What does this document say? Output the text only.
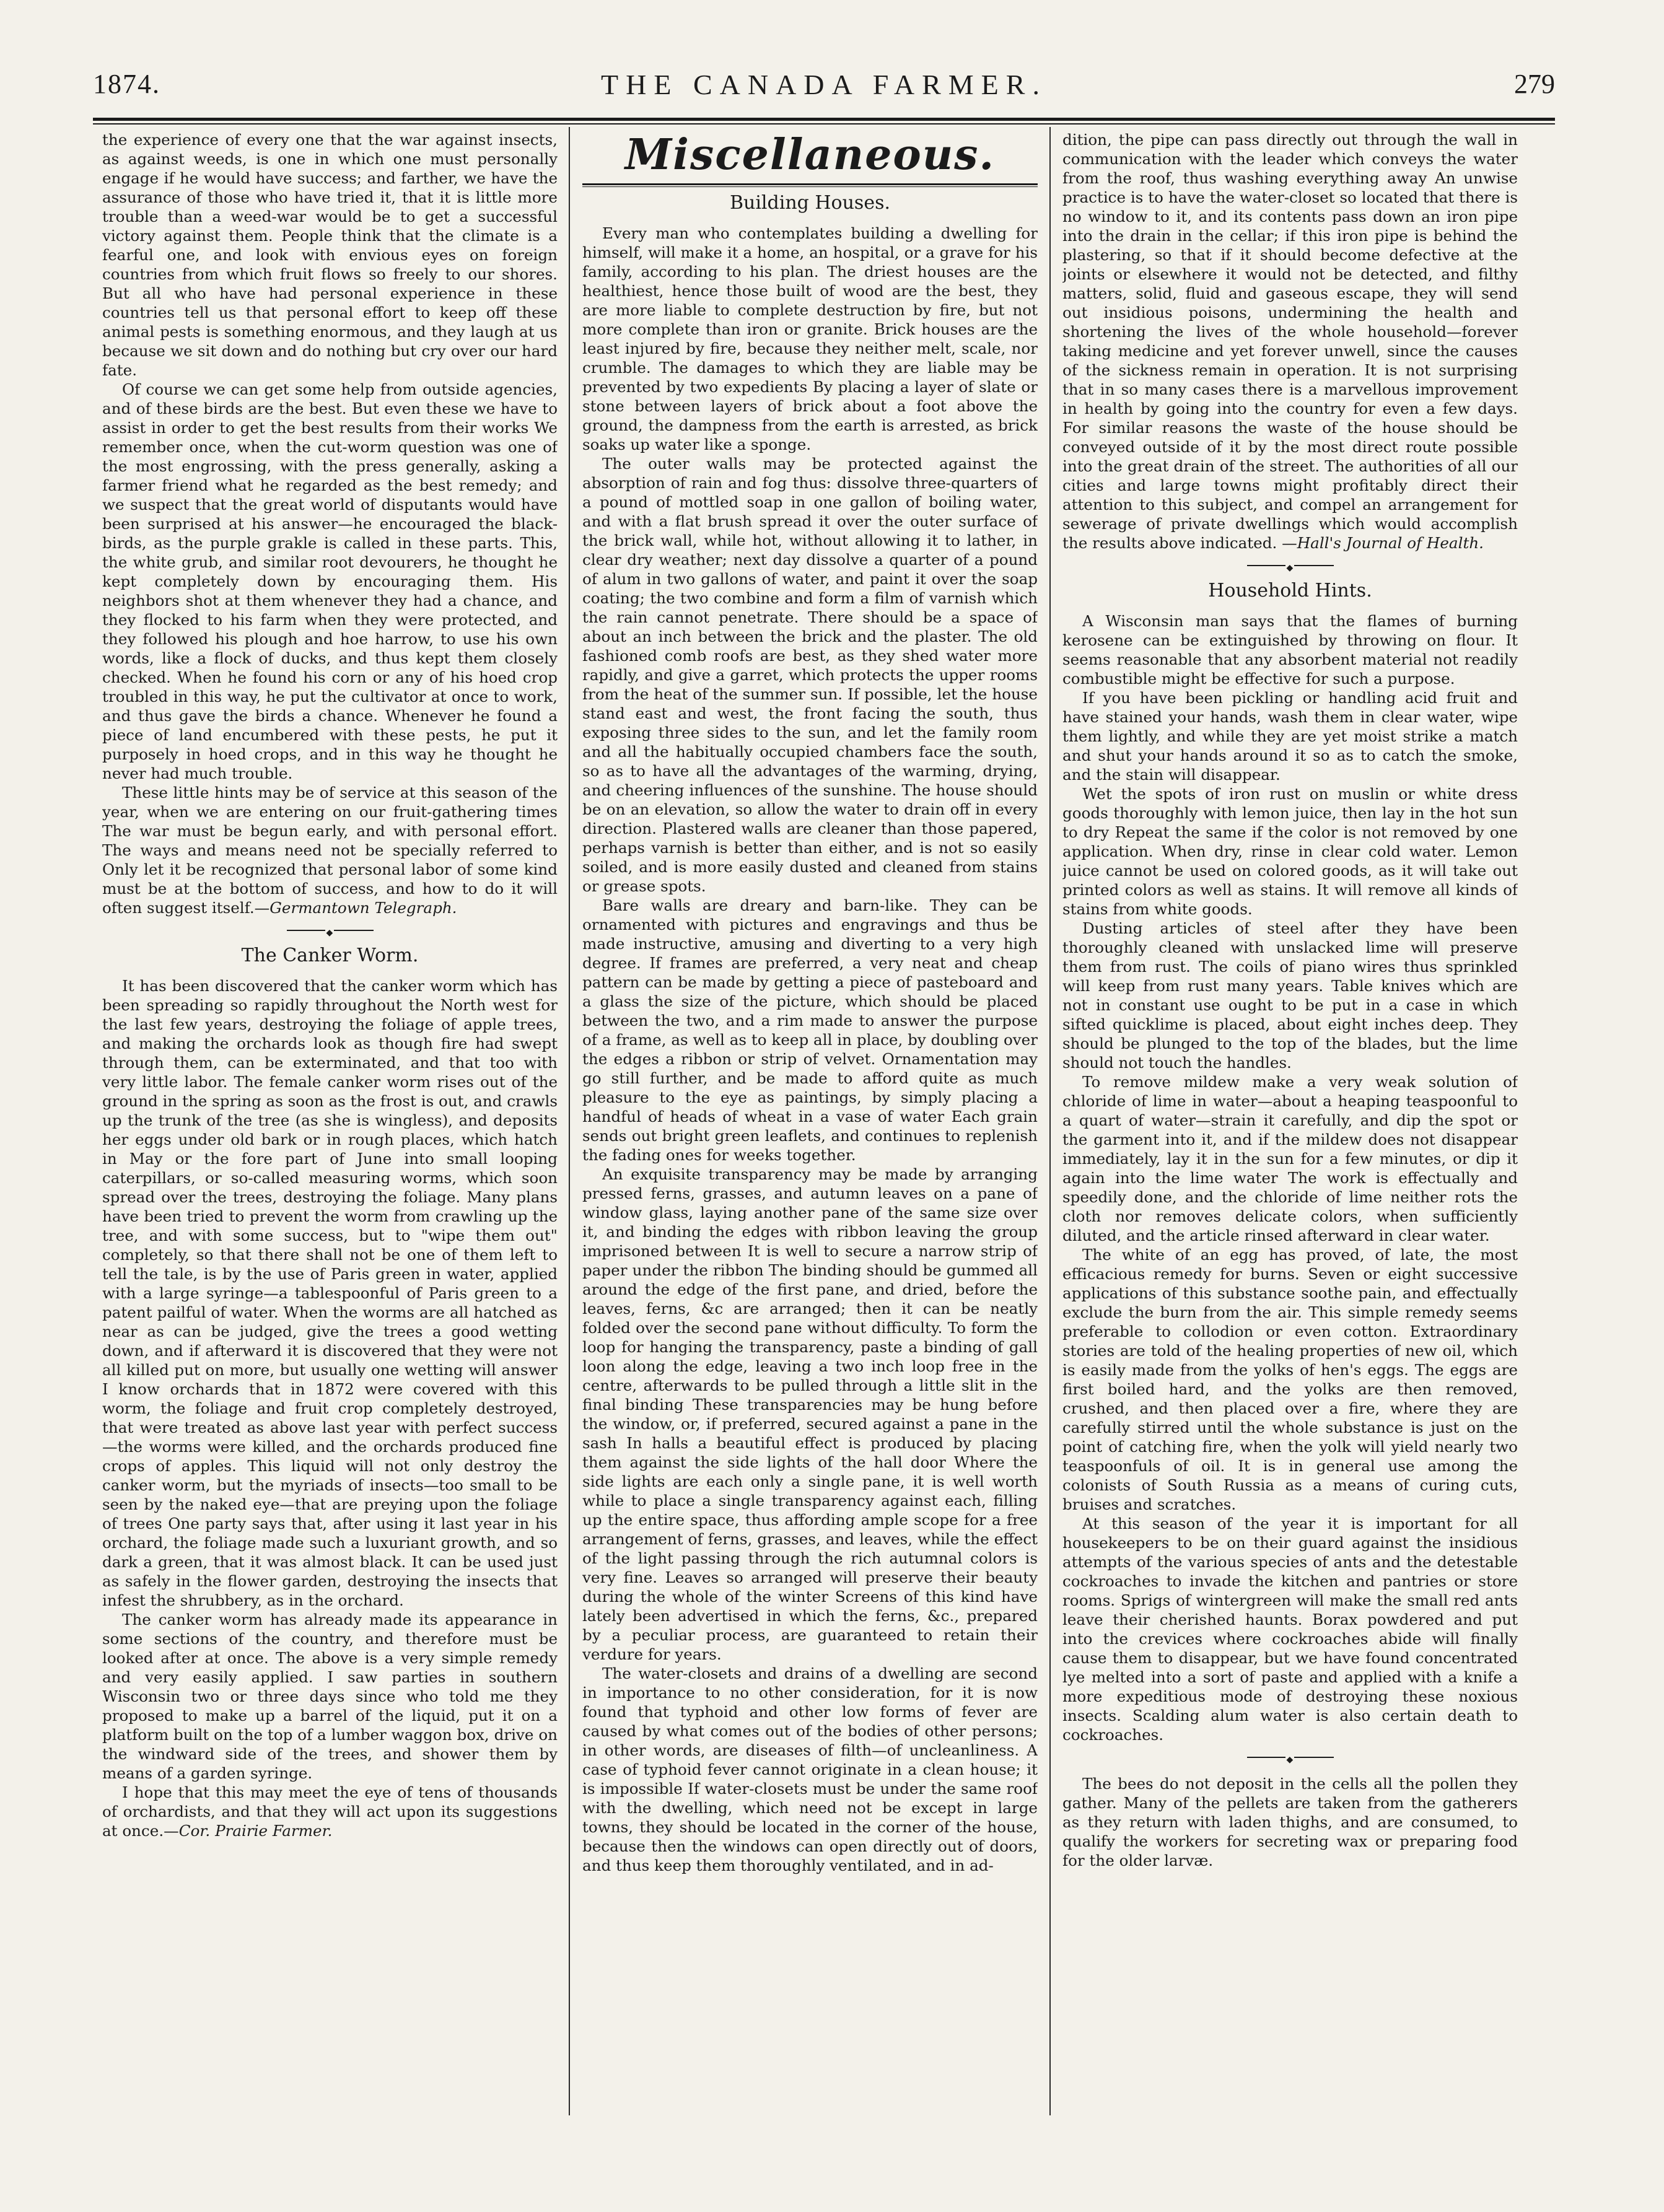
1874.	THE CANADA FARMER.	279

the experience of every one that the war against insects, as against weeds, is one in which one must personally engage if he would have success; and farther, we have the assurance of those who have tried it, that it is little more trouble than a weed-war would be to get a successful victory against them. People think that the climate is a fearful one, and look with envious eyes on foreign countries from which fruit flows so freely to our shores. But all who have had personal experience in these countries tell us that personal effort to keep off these animal pests is something enormous, and they laugh at us because we sit down and do nothing but cry over our hard fate.

Of course we can get some help from outside agencies, and of these birds are the best. But even these we have to assist in order to get the best results from their works We remember once, when the cut-worm question was one of the most engrossing, with the press generally, asking a farmer friend what he regarded as the best remedy; and we suspect that the great world of disputants would have been surprised at his answer—he encouraged the black-birds, as the purple grakle is called in these parts. This, the white grub, and similar root devourers, he thought he kept completely down by encouraging them. His neighbors shot at them whenever they had a chance, and they flocked to his farm when they were protected, and they followed his plough and hoe harrow, to use his own words, like a flock of ducks, and thus kept them closely checked. When he found his corn or any of his hoed crop troubled in this way, he put the cultivator at once to work, and thus gave the birds a chance. Whenever he found a piece of land encumbered with these pests, he put it purposely in hoed crops, and in this way he thought he never had much trouble.

These little hints may be of service at this season of the year, when we are entering on our fruit-gathering times The war must be begun early, and with personal effort. The ways and means need not be specially referred to Only let it be recognized that personal labor of some kind must be at the bottom of success, and how to do it will often suggest itself.—Germantown Telegraph.

◆
The Canker Worm.

It has been discovered that the canker worm which has been spreading so rapidly throughout the North west for the last few years, destroying the foliage of apple trees, and making the orchards look as though fire had swept through them, can be exterminated, and that too with very little labor. The female canker worm rises out of the ground in the spring as soon as the frost is out, and crawls up the trunk of the tree (as she is wingless), and deposits her eggs under old bark or in rough places, which hatch in May or the fore part of June into small looping caterpillars, or so-called measuring worms, which soon spread over the trees, destroying the foliage. Many plans have been tried to prevent the worm from crawling up the tree, and with some success, but to "wipe them out" completely, so that there shall not be one of them left to tell the tale, is by the use of Paris green in water, applied with a large syringe—a tablespoonful of Paris green to a patent pailful of water. When the worms are all hatched as near as can be judged, give the trees a good wetting down, and if afterward it is discovered that they were not all killed put on more, but usually one wetting will answer I know orchards that in 1872 were covered with this worm, the foliage and fruit crop completely destroyed, that were treated as above last year with perfect success—the worms were killed, and the orchards produced fine crops of apples. This liquid will not only destroy the canker worm, but the myriads of insects—too small to be seen by the naked eye—that are preying upon the foliage of trees One party says that, after using it last year in his orchard, the foliage made such a luxuriant growth, and so dark a green, that it was almost black. It can be used just as safely in the flower garden, destroying the insects that infest the shrubbery, as in the orchard.

The canker worm has already made its appearance in some sections of the country, and therefore must be looked after at once. The above is a very simple remedy and very easily applied. I saw parties in southern Wisconsin two or three days since who told me they proposed to make up a barrel of the liquid, put it on a platform built on the top of a lumber waggon box, drive on the windward side of the trees, and shower them by means of a garden syringe.

I hope that this may meet the eye of tens of thousands of orchardists, and that they will act upon its suggestions at once.—Cor. Prairie Farmer.

Miscellaneous.
Building Houses.

Every man who contemplates building a dwelling for himself, will make it a home, an hospital, or a grave for his family, according to his plan. The driest houses are the healthiest, hence those built of wood are the best, they are more liable to complete destruction by fire, but not more complete than iron or granite. Brick houses are the least injured by fire, because they neither melt, scale, nor crumble. The damages to which they are liable may be prevented by two expedients By placing a layer of slate or stone between layers of brick about a foot above the ground, the dampness from the earth is arrested, as brick soaks up water like a sponge.

The outer walls may be protected against the absorption of rain and fog thus: dissolve three-quarters of a pound of mottled soap in one gallon of boiling water, and with a flat brush spread it over the outer surface of the brick wall, while hot, without allowing it to lather, in clear dry weather; next day dissolve a quarter of a pound of alum in two gallons of water, and paint it over the soap coating; the two combine and form a film of varnish which the rain cannot penetrate. There should be a space of about an inch between the brick and the plaster. The old fashioned comb roofs are best, as they shed water more rapidly, and give a garret, which protects the upper rooms from the heat of the summer sun. If possible, let the house stand east and west, the front facing the south, thus exposing three sides to the sun, and let the family room and all the habitually occupied chambers face the south, so as to have all the advantages of the warming, drying, and cheering influences of the sunshine. The house should be on an elevation, so allow the water to drain off in every direction. Plastered walls are cleaner than those papered, perhaps varnish is better than either, and is not so easily soiled, and is more easily dusted and cleaned from stains or grease spots.

Bare walls are dreary and barn-like. They can be ornamented with pictures and engravings and thus be made instructive, amusing and diverting to a very high degree. If frames are preferred, a very neat and cheap pattern can be made by getting a piece of pasteboard and a glass the size of the picture, which should be placed between the two, and a rim made to answer the purpose of a frame, as well as to keep all in place, by doubling over the edges a ribbon or strip of velvet. Ornamentation may go still further, and be made to afford quite as much pleasure to the eye as paintings, by simply placing a handful of heads of wheat in a vase of water Each grain sends out bright green leaflets, and continues to replenish the fading ones for weeks together.

An exquisite transparency may be made by arranging pressed ferns, grasses, and autumn leaves on a pane of window glass, laying another pane of the same size over it, and binding the edges with ribbon leaving the group imprisoned between It is well to secure a narrow strip of paper under the ribbon The binding should be gummed all around the edge of the first pane, and dried, before the leaves, ferns, &c are arranged; then it can be neatly folded over the second pane without difficulty. To form the loop for hanging the transparency, paste a binding of gall loon along the edge, leaving a two inch loop free in the centre, afterwards to be pulled through a little slit in the final binding These transparencies may be hung before the window, or, if preferred, secured against a pane in the sash In halls a beautiful effect is produced by placing them against the side lights of the hall door Where the side lights are each only a single pane, it is well worth while to place a single transparency against each, filling up the entire space, thus affording ample scope for a free arrangement of ferns, grasses, and leaves, while the effect of the light passing through the rich autumnal colors is very fine. Leaves so arranged will preserve their beauty during the whole of the winter Screens of this kind have lately been advertised in which the ferns, &c., prepared by a peculiar process, are guaranteed to retain their verdure for years.

The water-closets and drains of a dwelling are second in importance to no other consideration, for it is now found that typhoid and other low forms of fever are caused by what comes out of the bodies of other persons; in other words, are diseases of filth—of uncleanliness. A case of typhoid fever cannot originate in a clean house; it is impossible If water-closets must be under the same roof with the dwelling, which need not be except in large towns, they should be located in the corner of the house, because then the windows can open directly out of doors, and thus keep them thoroughly ventilated, and in ad-

dition, the pipe can pass directly out through the wall in communication with the leader which conveys the water from the roof, thus washing everything away An unwise practice is to have the water-closet so located that there is no window to it, and its contents pass down an iron pipe into the drain in the cellar; if this iron pipe is behind the plastering, so that if it should become defective at the joints or elsewhere it would not be detected, and filthy matters, solid, fluid and gaseous escape, they will send out insidious poisons, undermining the health and shortening the lives of the whole household—forever taking medicine and yet forever unwell, since the causes of the sickness remain in operation. It is not surprising that in so many cases there is a marvellous improvement in health by going into the country for even a few days. For similar reasons the waste of the house should be conveyed outside of it by the most direct route possible into the great drain of the street. The authorities of all our cities and large towns might profitably direct their attention to this subject, and compel an arrangement for sewerage of private dwellings which would accomplish the results above indicated. —Hall's Journal of Health.

◆
Household Hints.

A Wisconsin man says that the flames of burning kerosene can be extinguished by throwing on flour. It seems reasonable that any absorbent material not readily combustible might be effective for such a purpose.

If you have been pickling or handling acid fruit and have stained your hands, wash them in clear water, wipe them lightly, and while they are yet moist strike a match and shut your hands around it so as to catch the smoke, and the stain will disappear.

Wet the spots of iron rust on muslin or white dress goods thoroughly with lemon juice, then lay in the hot sun to dry Repeat the same if the color is not removed by one application. When dry, rinse in clear cold water. Lemon juice cannot be used on colored goods, as it will take out printed colors as well as stains. It will remove all kinds of stains from white goods.

Dusting articles of steel after they have been thoroughly cleaned with unslacked lime will preserve them from rust. The coils of piano wires thus sprinkled will keep from rust many years. Table knives which are not in constant use ought to be put in a case in which sifted quicklime is placed, about eight inches deep. They should be plunged to the top of the blades, but the lime should not touch the handles.

To remove mildew make a very weak solution of chloride of lime in water—about a heaping teaspoonful to a quart of water—strain it carefully, and dip the spot or the garment into it, and if the mildew does not disappear immediately, lay it in the sun for a few minutes, or dip it again into the lime water The work is effectually and speedily done, and the chloride of lime neither rots the cloth nor removes delicate colors, when sufficiently diluted, and the article rinsed afterward in clear water.

The white of an egg has proved, of late, the most efficacious remedy for burns. Seven or eight successive applications of this substance soothe pain, and effectually exclude the burn from the air. This simple remedy seems preferable to collodion or even cotton. Extraordinary stories are told of the healing properties of new oil, which is easily made from the yolks of hen's eggs. The eggs are first boiled hard, and the yolks are then removed, crushed, and then placed over a fire, where they are carefully stirred until the whole substance is just on the point of catching fire, when the yolk will yield nearly two teaspoonfuls of oil. It is in general use among the colonists of South Russia as a means of curing cuts, bruises and scratches.

At this season of the year it is important for all housekeepers to be on their guard against the insidious attempts of the various species of ants and the detestable cockroaches to invade the kitchen and pantries or store rooms. Sprigs of wintergreen will make the small red ants leave their cherished haunts. Borax powdered and put into the crevices where cockroaches abide will finally cause them to disappear, but we have found concentrated lye melted into a sort of paste and applied with a knife a more expeditious mode of destroying these noxious insects. Scalding alum water is also certain death to cockroaches.

◆

The bees do not deposit in the cells all the pollen they gather. Many of the pellets are taken from the gatherers as they return with laden thighs, and are consumed, to qualify the workers for secreting wax or preparing food for the older larvæ.
